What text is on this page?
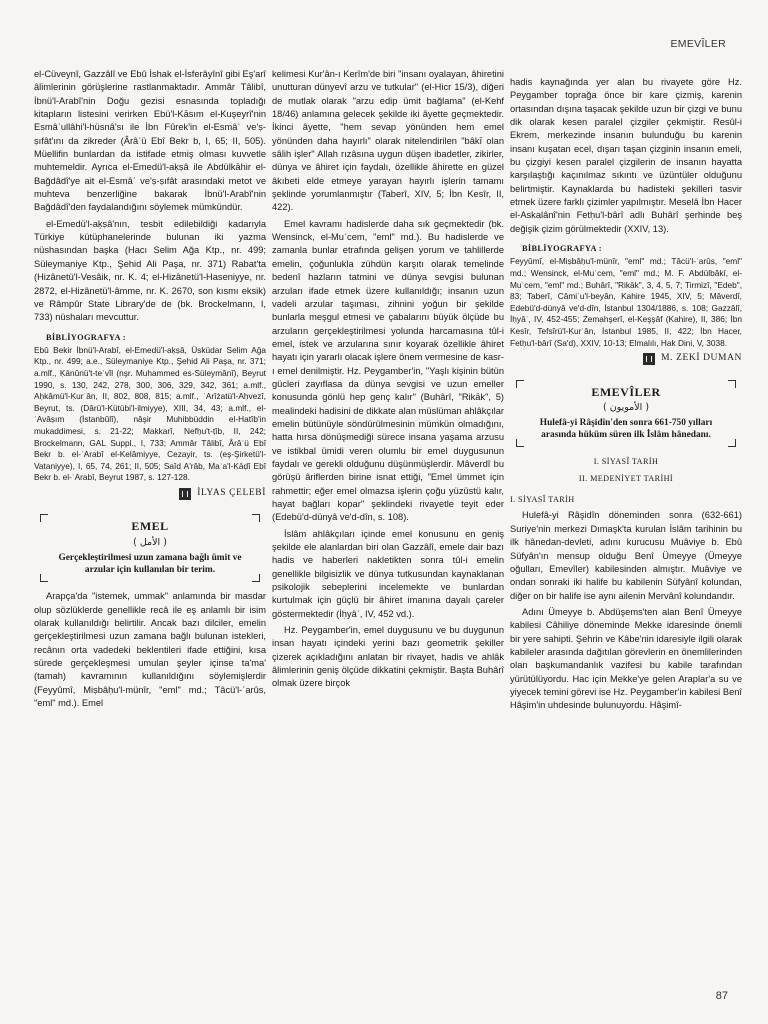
EMEVÎLER

el-Cüveynî, Gazzâlî ve Ebû İshak el-İsferâyînî gibi Eş'arî âlimlerinin görüşlerine rastlanmaktadır. Ammâr Tâlibî, İbnü'l-Arabî'nin Doğu gezisi esnasında topladığı kitapların listesini verirken Ebü'l-Kāsım el-Kuşeyrî'nin Esmâʾullâhi'l-hüsnâ'sı ile İbn Fûrek'in el-Esmâʾ ve'ṣ-ṣıfât'ını da zikreder (Ârâʾü Ebî Bekr b, I, 65; II, 505). Müellifin bunlardan da istifade etmiş olması kuvvetle muhtemeldir. Ayrıca el-Emedü'l-aḳṣâ ile Abdülkāhir el-Bağdâdî'ye ait el-Esmâʾ ve'ṣ-ṣıfât arasındaki metot ve muhteva benzerliğine bakarak İbnü'l-Arabî'nin Bağdâdî'den faydalandığını söylemek mümkündür.

el-Emedü'l-aḳṣâ'nın, tesbit edilebildiği kadarıyla Türkiye kütüphanelerinde bulunan iki yazma nüshasından başka (Hacı Selim Ağa Ktp., nr. 499; Süleymaniye Ktp., Şehid Ali Paşa, nr. 371) Rabat'ta (Hizânetü'l-Vesâik, nr. K. 4; el-Hizânetü'l-Haseniyye, nr. 2872, el-Hizânetü'l-âmme, nr. K. 2670, son kısmı eksik) ve Râmpûr State Library'de de (bk. Brockelmann, I, 733) nüshaları mevcuttur.

BİBLİYOGRAFYA :
Ebû Bekir İbnü'l-Arabî, el-Emedü'l-aḳṣâ, Üsküdar Selim Ağa Ktp., nr. 499; a.e., Süleymaniye Ktp., Şehid Ali Paşa, nr. 371; a.mlf., Ḳānûnü't-teʾvîl (nşr. Muhammed es-Süleymânî), Beyrut 1990, s. 130, 242, 278, 300, 306, 329, 342, 361; a.mlf., Aḥkâmü'l-Ḳurʾân, II, 802, 808, 815; a.mlf., ʿArîżatü'l-Aḥvezî, Beyrut, ts. (Dârü'l-Kütübi'l-ilmiyye), XIII, 34, 43; a.mlf., el-ʿAvâṣım (İstanbûlî), nâşir Muhibbüddin el-Hatîb'in mukaddimesi, s. 21-22; Makkarî, Nefḥu't-ṭîb, II, 242; Brockelmann, GAL Suppl., I, 733; Ammâr Tâlibî, Ârâʾü Ebî Bekr b. el-ʿArabî el-Kelâmiyye, Cezayir, ts. (eş-Şirketü'l-Vataniyye), I, 65, 74, 261; II, 505; Saîd A'râb, Maʿa'l-Ḳāḍî Ebî Bekr b. el-ʿArabî, Beyrut 1987, s. 127-128.
İLYAS ÇELEBİ
EMEL
( الأمل )
Gerçekleştirilmesi uzun zamana bağlı ümit ve arzular için kullanılan bir terim.

Arapça'da "istemek, ummak" anlamında bir masdar olup sözlüklerde genellikle recâ ile eş anlamlı bir isim olarak kullanıldığı belirtilir. Ancak bazı dilciler, emelin gerçekleştirilmesi uzun zamana bağlı bulunan istekleri, recânın orta vadedeki beklentileri ifade ettiğini, kısa sürede gerçekleşmesi umulan şeyler içinse ta'ma' (tamah) kavramının kullanıldığını söylemişlerdir (Feyyûmî, Miṣbâḥu'l-münîr, "eml" md.; Tâcü'l-ʿarûs, "eml" md.). Emel

kelimesi Kur'ân-ı Kerîm'de biri "insanı oyalayan, âhiretini unutturan dünyevî arzu ve tutkular" (el-Hicr 15/3), diğeri de mutlak olarak "arzu edip ümit bağlama" (el-Kehf 18/46) anlamına gelecek şekilde iki âyette geçmektedir. İkinci âyette, "hem sevap yönünden hem emel yönünden daha hayırlı" olarak nitelendirilen "bâkī olan sâlih işler" Allah rızâsına uygun düşen ibadetler, zikirler, dünya ve âhiret için faydalı, özellikle âhirette en güzel âkıbeti elde etmeye yarayan hayırlı işlerin tamamı şeklinde yorumlanmıştır (Taberî, XIV, 5; İbn Kesîr, II, 422).

Emel kavramı hadislerde daha sık geçmektedir (bk. Wensinck, el-Muʿcem, "eml" md.). Bu hadislerde ve zamanla bunlar etrafında gelişen yorum ve tahlillerde emelin, çoğunlukla zühdün karşıtı olarak temelinde bedenî hazların tatmini ve dünya sevgisi bulunan arzuları ifade etmek üzere kullanıldığı; insanın uzun vadeli arzular taşıması, zihnini yoğun bir şekilde bunlarla meşgul etmesi ve çabalarını büyük ölçüde bu arzuların gerçekleştirilmesi yolunda harcamasına tûl-i emel, istek ve arzularına sınır koyarak özellikle âhiret hayatı için yararlı olacak işlere önem vermesine de kasr-ı emel denilmiştir. Hz. Peygamber'in, "Yaşlı kişinin bütün gücleri zayıflasa da dünya sevgisi ve uzun emeller konusunda gönlü hep genç kalır" (Buhârî, "Rikāk", 5) mealindeki hadisini de dikkate alan müslüman ahlâkçılar emelin bütünüyle söndürülmesinin mümkün olmadığını, hatta hırsa dönüşmediği sürece insana yaşama arzusu ve istikbal ümidi veren olumlu bir emel duygusunun faydalı ve gerekli olduğunu düşünmüşlerdir. Mâverdî bu görüşü âriflerden birine isnat ettiği, "Emel ümmet için rahmettir; eğer emel olmazsa işlerin çoğu yüzüstü kalır, hayat bağları kopar" şeklindeki rivayetle teyit eder (Edebü'd-dünyâ ve'd-dîn, s. 108).

İslâm ahlâkçıları içinde emel konusunu en geniş şekilde ele alanlardan biri olan Gazzâlî, emele dair bazı hadis ve haberleri nakletikten sonra tûl-i emelin genellikle bilgisizlik ve dünya tutkusundan kaynaklanan psikolojik sebeplerini incelemekte ve bunlardan kurtulmak için güçlü bir âhiret imanına dayalı çareler göstermektedir (İḥyâʾ, IV, 452 vd.).

Hz. Peygamber'in, emel duygusunu ve bu duygunun insan hayatı içindeki yerini bazı geometrik şekiller çizerek açıkladığını anlatan bir rivayet, hadis ve ahlâk âlimlerinin geniş ölçüde dikkatini çekmiştir. Başta Buhârî olmak üzere birçok

hadis kaynağında yer alan bu rivayete göre Hz. Peygamber toprağa önce bir kare çizmiş, karenin ortasından dışına taşacak şekilde uzun bir çizgi ve bunu dik olarak kesen paralel çizgiler çekmiştir. Resûl-i Ekrem, merkezinde insanın bulunduğu bu karenin insanı kuşatan ecel, dışarı taşan çizginin insanın emeli, bu çizgiyi kesen paralel çizgilerin de insanın hayatta karşılaştığı kaçınılmaz sıkıntı ve üzüntüler olduğunu belirtmiştir. Kaynaklarda bu hadisteki şekilleri tasvir etmek üzere farklı çizimler yapılmıştır. Meselâ İbn Hacer el-Askalânî'nin Fetḥu'l-bârî adlı Buhârî şerhinde beş değişik çizim görülmektedir (XXIV, 13).

BİBLİYOGRAFYA :
Feyyûmî, el-Miṣbâḥu'l-münîr, "eml" md.; Tâcü'l-ʿarûs, "eml" md.; Wensinck, el-Muʿcem, "eml" md.; M. F. Abdülbâkī, el-Muʿcem, "eml" md.; Buhârî, "Rikāk", 3, 4, 5, 7; Tirmizî, "Edeb", 83; Taberî, Câmiʿu'l-beyân, Kahire 1945, XIV, 5; Mâverdî, Edebü'd-dünyâ ve'd-dîn, İstanbul 1304/1886, s. 108; Gazzâlî, İḥyâʾ, IV, 452-455; Zemahşerî, el-Keşşâf (Kahire), II, 386; İbn Kesîr, Tefsîrü'l-Ḳurʾân, İstanbul 1985, II, 422; İbn Hacer, Fetḥu'l-bârî (Sa'd), XXIV, 10-13; Elmalılı, Hak Dini, V, 3038.
M. ZEKİ DUMAN
EMEVÎLER
( الأمويون )
Hulefâ-yi Râşidîn'den sonra 661-750 yılları arasında hüküm süren ilk İslâm hânedanı.
I. SİYASÎ TARİH
II. MEDENİYET TARİHİ
I. SİYASÎ TARİH

Hulefâ-yi Râşidîn döneminden sonra (632-661) Suriye'nin merkezi Dımaşk'ta kurulan İslâm tarihinin bu ilk hânedan-devleti, adını kurucusu Muâviye b. Ebû Süfyân'ın mensup olduğu Benî Ümeyye (Ümeyye oğulları, Emevîler) kabilesinden almıştır. Muâviye ve ondan sonraki iki halife bu kabilenin Süfyânî kolundan, diğer on bir halife ise aynı ailenin Mervânî kolundandır.

Adını Ümeyye b. Abdüşems'ten alan Benî Ümeyye kabilesi Câhiliye döneminde Mekke idaresinde önemli bir yere sahipti. Şehrin ve Kâbe'nin idaresiyle ilgili olarak kabileler arasında dağıtılan görevlerin en önemlilerinden olan başkumandanlık vazifesi bu kabile tarafından yürütülüyordu. Hac için Mekke'ye gelen Araplar'a su ve yiyecek temini görevi ise Hz. Peygamber'in kabilesi Benî Hâşim'in uhdesinde bulunuyordu. Hâşimî-

87
